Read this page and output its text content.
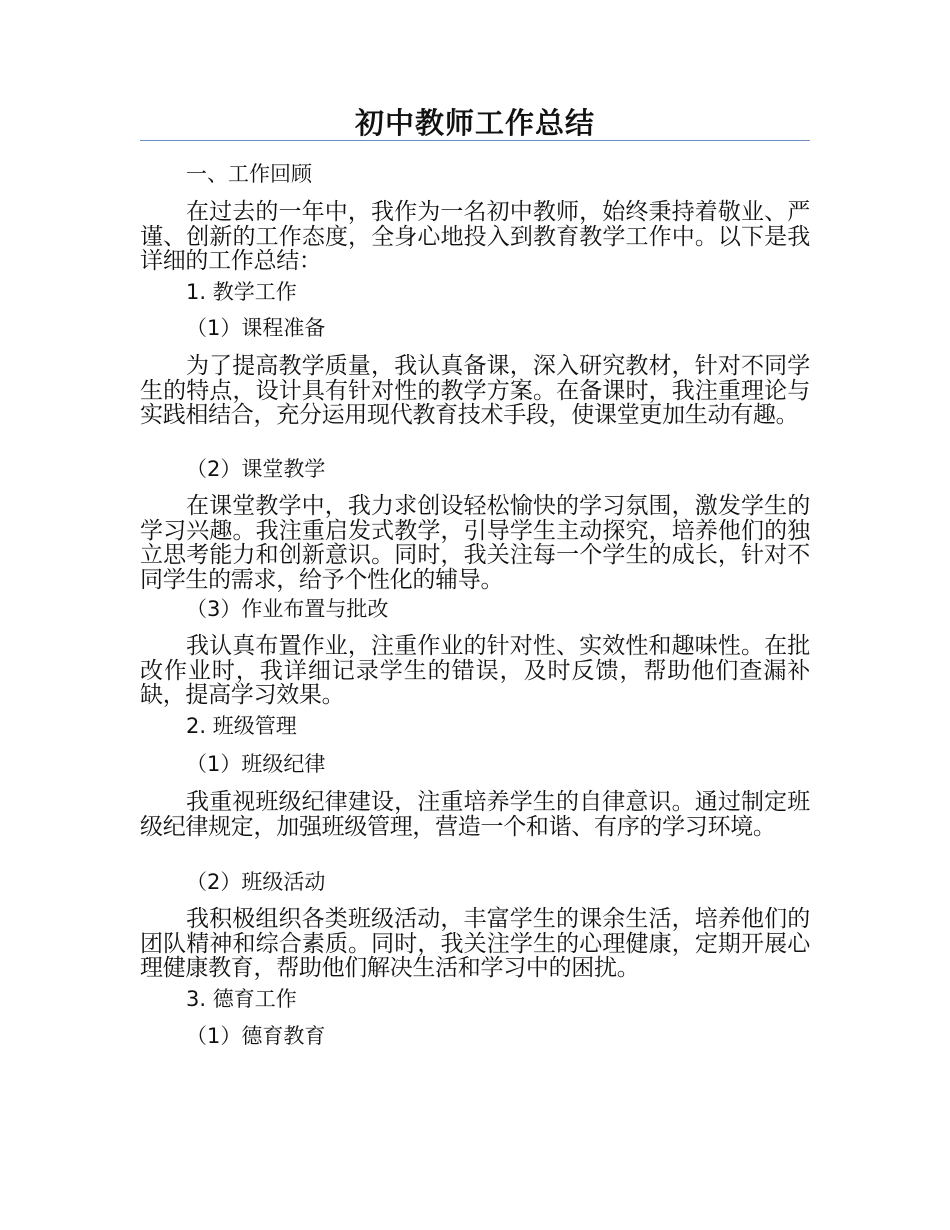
初中教师工作总结
一、工作回顾
在过去的一年中，我作为一名初中教师，始终秉持着敬业、严谨、创新的工作态度，全身心地投入到教育教学工作中。以下是我详细的工作总结：
1. 教学工作
（1）课程准备
为了提高教学质量，我认真备课，深入研究教材，针对不同学生的特点，设计具有针对性的教学方案。在备课时，我注重理论与实践相结合，充分运用现代教育技术手段，使课堂更加生动有趣。
（2）课堂教学
在课堂教学中，我力求创设轻松愉快的学习氛围，激发学生的学习兴趣。我注重启发式教学，引导学生主动探究，培养他们的独立思考能力和创新意识。同时，我关注每一个学生的成长，针对不同学生的需求，给予个性化的辅导。
（3）作业布置与批改
我认真布置作业，注重作业的针对性、实效性和趣味性。在批改作业时，我详细记录学生的错误，及时反馈，帮助他们查漏补缺，提高学习效果。
2. 班级管理
（1）班级纪律
我重视班级纪律建设，注重培养学生的自律意识。通过制定班级纪律规定，加强班级管理，营造一个和谐、有序的学习环境。
（2）班级活动
我积极组织各类班级活动，丰富学生的课余生活，培养他们的团队精神和综合素质。同时，我关注学生的心理健康，定期开展心理健康教育，帮助他们解决生活和学习中的困扰。
3. 德育工作
（1）德育教育
